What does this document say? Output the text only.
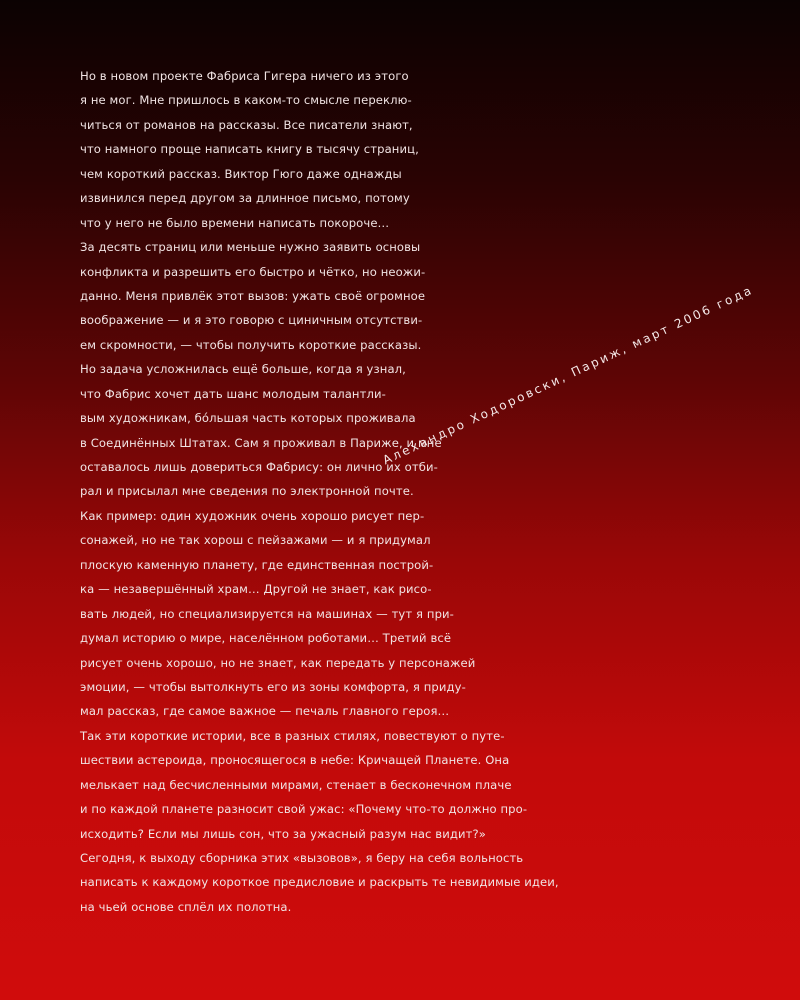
Но в новом проекте Фабриса Гигера ничего из этого
я не мог. Мне пришлось в каком-то смысле переклю-
читься от романов на рассказы. Все писатели знают,
что намного проще написать книгу в тысячу страниц,
чем короткий рассказ. Виктор Гюго даже однажды
извинился перед другом за длинное письмо, потому
что у него не было времени написать покороче…
За десять страниц или меньше нужно заявить основы
конфликта и разрешить его быстро и чётко, но неожи-
данно. Меня привлёк этот вызов: ужать своё огромное
воображение — и я это говорю с циничным отсутстви-
ем скромности, — чтобы получить короткие рассказы.
Но задача усложнилась ещё больше, когда я узнал,
что Фабрис хочет дать шанс молодым талантли-
вым художникам, бóльшая часть которых проживала
в Соединённых Штатах. Сам я проживал в Париже, и мне
оставалось лишь довериться Фабрису: он лично их отби-
рал и присылал мне сведения по электронной почте.
Как пример: один художник очень хорошо рисует пер-
сонажей, но не так хорош с пейзажами — и я придумал
плоскую каменную планету, где единственная построй-
ка — незавершённый храм… Другой не знает, как рисо-
вать людей, но специализируется на машинах — тут я при-
думал историю о мире, населённом роботами… Третий всё
рисует очень хорошо, но не знает, как передать у персонажей
эмоции, — чтобы вытолкнуть его из зоны комфорта, я приду-
мал рассказ, где самое важное — печаль главного героя…
Так эти короткие истории, все в разных стилях, повествуют о путе-
шествии астероида, проносящегося в небе: Кричащей Планете. Она
мелькает над бесчисленными мирами, стенает в бесконечном плаче
и по каждой планете разносит свой ужас: «Почему что-то должно про-
исходить? Если мы лишь сон, что за ужасный разум нас видит?»
Сегодня, к выходу сборника этих «вызовов», я беру на себя вольность
написать к каждому короткое предисловие и раскрыть те невидимые идеи,
на чьей основе сплёл их полотна.
Алехандро Ходоровски, Париж, март 2006 года
